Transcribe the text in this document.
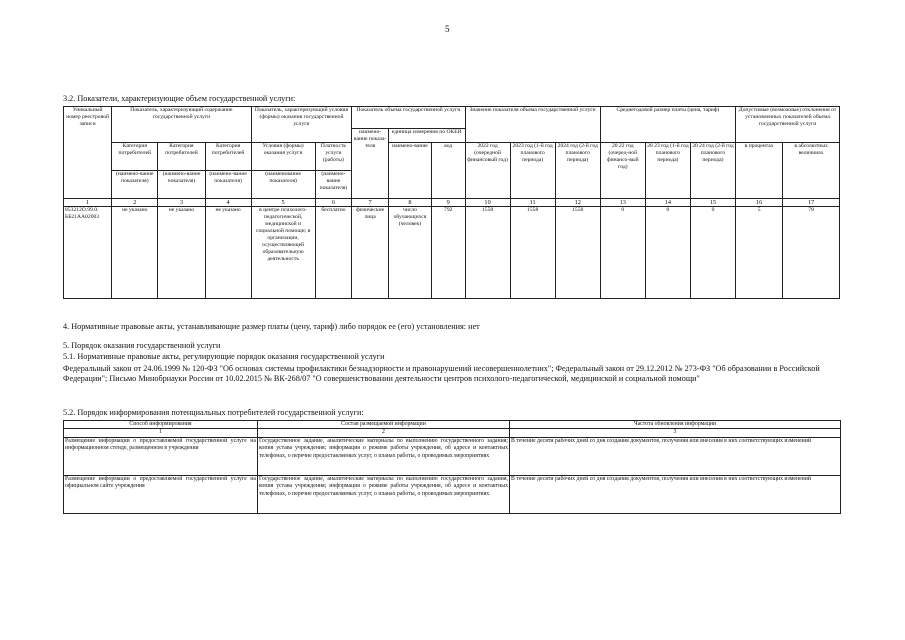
5
3.2. Показатели, характеризующие объем государственной услуги:
Уникальный номер реестровой записи	Показатель, характеризующий содержание государственной услуги			Показатель, характеризующий условия (формы) оказания государственной услуги		Показатель объема государственной услуги			Значение показателя объема государственной услуги			Среднегодовой размер платы (цена, тариф)			Допустимые (возможные) отклонения от установленных показателей объема государственной услуги	
						наимено-вание показа-теля	единица измерения по ОКЕИ									
	Категория потребителей	Категория потребителей	Категория потребителей	Условия (формы) оказания услуги	Платность услуги (работы)		наимено-вание	код	2022 год (очередной финансовый год)	2023 год (1-й год планового периода)	2024 год (2-й год планового периода)	20 22 год (очеред-ной финансо-вый год)	20 23 год (1-й год планового периода)	20 24 год (2-й год планового периода)	в процентах	в абсолютных величинах
	(наимено-вание показателя)	(наимено-вание показателя)	(наимено-вание показателя)	(наименование показателя)	(наимено-вание показателя)											
1	2	3	4	5	6	7	8	9	10	11	12	13	14	15	16	17
853212О.99.0. ББ21АА02003	не указано	не указано	не указано	в центре психолого-педагогической, медицинской и социальной помощи; в организации, осуществляющей образовательную деятельность	бесплатно	физические лица	число обучающихся (человек)	792	1558	1558	1558	0	0	0	5	78
4. Нормативные правовые акты, устанавливающие размер платы (цену, тариф) либо порядок ее (его) установления: нет
5. Порядок оказания государственной услуги
5.1. Нормативные правовые акты, регулирующие порядок оказания государственной услуги
Федеральный закон от 24.06.1999 № 120-ФЗ "Об основах системы профилактики безнадзорности и правонарушений несовершеннолетних"; Федеральный закон от 29.12.2012 № 273-ФЗ "Об образовании в Российской Федерации"; Письмо Минобрнауки России от 10.02.2015 № ВК-268/07 "О совершенствовании деятельности центров психолого-педагогической, медицинской и социальной помощи"
5.2. Порядок информирования потенциальных потребителей государственной услуги:
Способ информирования	Состав размещаемой информации	Частота обновления информации
1	2	3
Размещение информации о предоставляемой государственной услуге на информационном стенде, размещенном в учреждении	Государственное задание, аналитические материалы по выполнению государственного задания; копия устава учреждения; информация о режиме работы учреждения, об адресе и контактных телефонах, о перечне предоставляемых услуг, о планах работы, о проводимых мероприятиях	В течение десяти рабочих дней со дня создания документов, получения или внесения в них соответствующих изменений
Размещение информации о предоставляемой государственной услуге на официальном сайте учреждения	Государственное задание, аналитические материалы по выполнению государственного задания, копия устава учреждения; информация о режиме работы учреждения, об адресе и контактных телефонах, о перечне предоставляемых услуг, о планах работы, о проводимых мероприятиях	В течение десяти рабочих дней со дня создания документов, получения или внесения в них соответствующих изменений
